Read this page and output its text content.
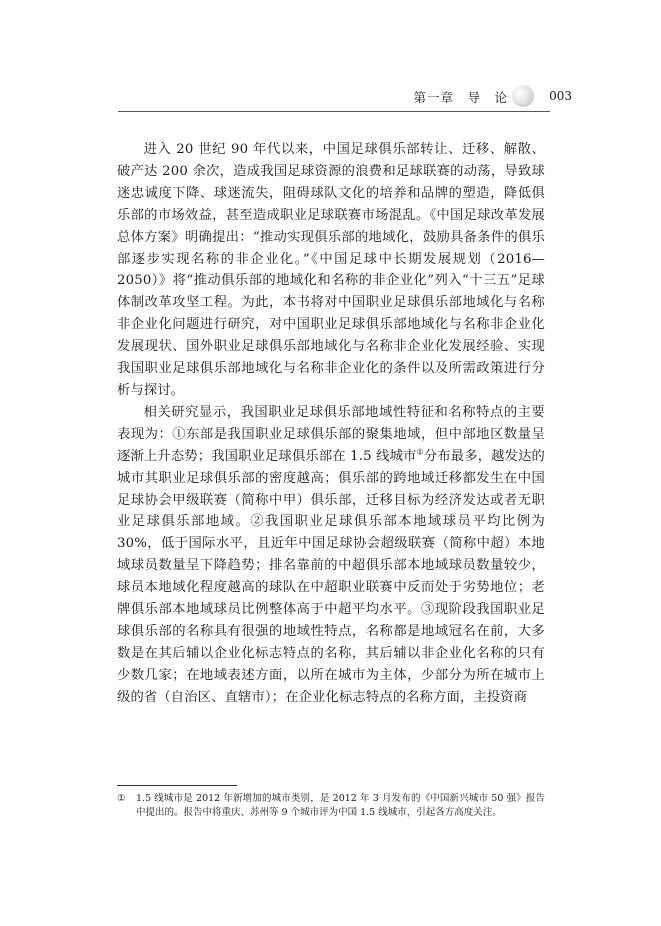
第一章　导　论	003

进入 20 世纪 90 年代以来，中国足球俱乐部转让、迁移、解散、破产达 200 余次，造成我国足球资源的浪费和足球联赛的动荡，导致球迷忠诚度下降、球迷流失，阻碍球队文化的培养和品牌的塑造，降低俱乐部的市场效益，甚至造成职业足球联赛市场混乱。《中国足球改革发展总体方案》明确提出：“推动实现俱乐部的地域化，鼓励具备条件的俱乐部逐步实现名称的非企业化。”《中国足球中长期发展规划（2016—2050）》将“推动俱乐部的地域化和名称的非企业化”列入“十三五”足球体制改革攻坚工程。为此，本书将对中国职业足球俱乐部地域化与名称非企业化问题进行研究，对中国职业足球俱乐部地域化与名称非企业化发展现状、国外职业足球俱乐部地域化与名称非企业化发展经验、实现我国职业足球俱乐部地域化与名称非企业化的条件以及所需政策进行分析与探讨。

相关研究显示，我国职业足球俱乐部地域性特征和名称特点的主要表现为：①东部是我国职业足球俱乐部的聚集地域，但中部地区数量呈逐渐上升态势；我国职业足球俱乐部在 1.5 线城市①分布最多，越发达的城市其职业足球俱乐部的密度越高；俱乐部的跨地域迁移都发生在中国足球协会甲级联赛（简称中甲）俱乐部，迁移目标为经济发达或者无职业足球俱乐部地域。②我国职业足球俱乐部本地域球员平均比例为 30%，低于国际水平，且近年中国足球协会超级联赛（简称中超）本地域球员数量呈下降趋势；排名靠前的中超俱乐部本地域球员数量较少，球员本地域化程度越高的球队在中超职业联赛中反而处于劣势地位；老牌俱乐部本地域球员比例整体高于中超平均水平。③现阶段我国职业足球俱乐部的名称具有很强的地域性特点，名称都是地域冠名在前，大多数是在其后辅以企业化标志特点的名称，其后辅以非企业化名称的只有少数几家；在地域表述方面，以所在城市为主体，少部分为所在城市上级的省（自治区、直辖市）；在企业化标志特点的名称方面，主投资商

①	1.5 线城市是 2012 年新增加的城市类别，是 2012 年 3 月发布的《中国新兴城市 50 强》报告中提出的。报告中将重庆、苏州等 9 个城市评为中国 1.5 线城市，引起各方高度关注。
